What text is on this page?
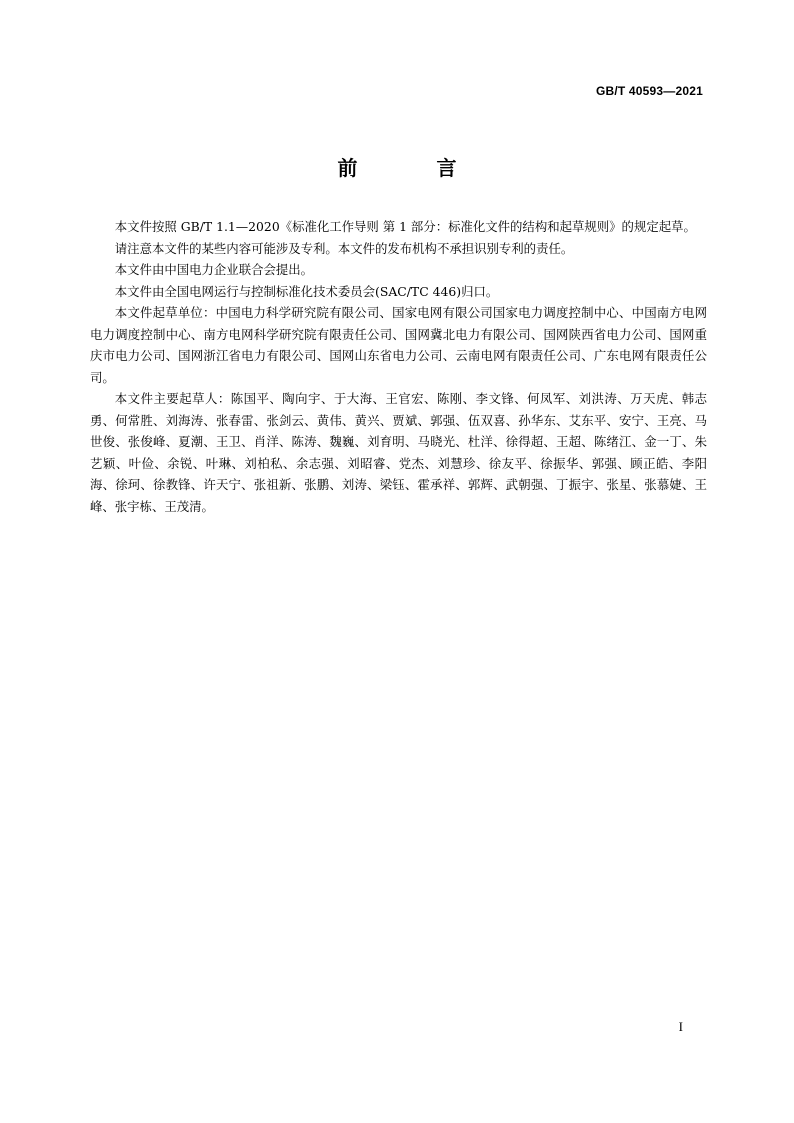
GB/T 40593—2021
前 言

本文件按照 GB/T 1.1—2020《标准化工作导则 第 1 部分：标准化文件的结构和起草规则》的规定起草。

请注意本文件的某些内容可能涉及专利。本文件的发布机构不承担识别专利的责任。

本文件由中国电力企业联合会提出。

本文件由全国电网运行与控制标准化技术委员会(SAC/TC 446)归口。

本文件起草单位：中国电力科学研究院有限公司、国家电网有限公司国家电力调度控制中心、中国南方电网电力调度控制中心、南方电网科学研究院有限责任公司、国网冀北电力有限公司、国网陕西省电力公司、国网重庆市电力公司、国网浙江省电力有限公司、国网山东省电力公司、云南电网有限责任公司、广东电网有限责任公司。

本文件主要起草人：陈国平、陶向宇、于大海、王官宏、陈刚、李文锋、何凤军、刘洪涛、万天虎、韩志勇、何常胜、刘海涛、张春雷、张剑云、黄伟、黄兴、贾斌、郭强、伍双喜、孙华东、艾东平、安宁、王亮、马世俊、张俊峰、夏潮、王卫、肖洋、陈涛、魏巍、刘育明、马晓光、杜洋、徐得超、王超、陈绪江、金一丁、朱艺颖、叶俭、余锐、叶琳、刘柏私、余志强、刘昭睿、党杰、刘慧珍、徐友平、徐振华、郭强、顾正皓、李阳海、徐珂、徐教锋、许天宁、张祖新、张鹏、刘涛、梁钰、霍承祥、郭辉、武朝强、丁振宇、张星、张慕婕、王峰、张宇栋、王茂清。

I
